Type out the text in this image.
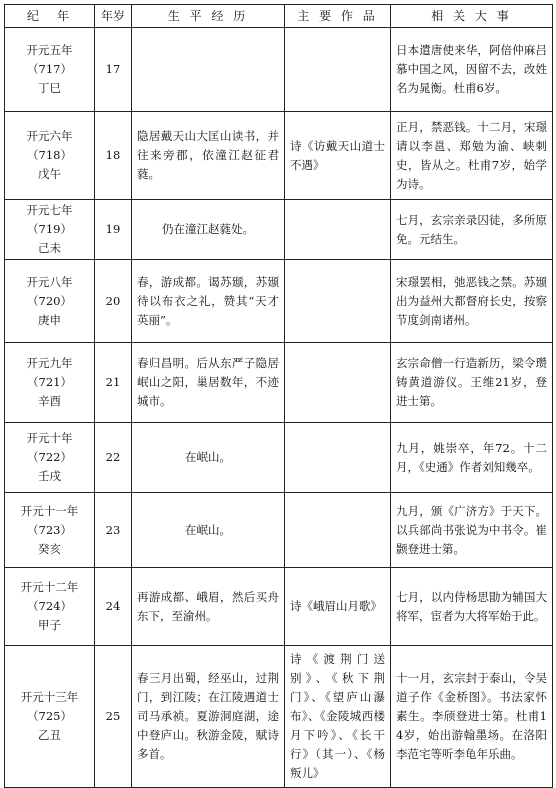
纪　年	年岁	生 平 经 历	主 要 作 品	相 关 大 事

开元五年
（717）
丁巳	17			日本遣唐使来华，阿倍仲麻吕慕中国之风，因留不去，改姓名为晁衡。杜甫6岁。

开元六年
（718）
戊午	18	隐居戴天山大匡山读书，并往来旁郡，依潼江赵征君蕤。	诗《访戴天山道士不遇》	正月，禁恶钱。十二月，宋璟请以李邕、郑勉为渝、峡刺史，皆从之。杜甫7岁，始学为诗。

开元七年
（719）
己未	19	仍在潼江赵蕤处。		七月，玄宗亲录囚徒，多所原免。元结生。

开元八年
（720）
庚申	20	春，游成都。谒苏颋，苏颋待以布衣之礼，赞其“天才英丽”。		宋璟罢相，弛恶钱之禁。苏颋出为益州大都督府长史，按察节度剑南诸州。

开元九年
（721）
辛酉	21	春归昌明。后从东严子隐居岷山之阳，巢居数年，不迹城市。		玄宗命僧一行造新历，梁令瓒铸黄道游仪。王维21岁，登进士第。

开元十年
（722）
壬戌	22	在岷山。		九月，姚崇卒，年72。十二月，《史通》作者刘知幾卒。

开元十一年
（723）
癸亥	23	在岷山。		九月，颁《广济方》于天下。以兵部尚书张说为中书令。崔颢登进士第。

开元十二年
（724）
甲子	24	再游成都、峨眉，然后买舟东下，至渝州。	诗《峨眉山月歌》	七月，以内侍杨思勖为辅国大将军，宦者为大将军始于此。

开元十三年
（725）
乙丑	25	春三月出蜀，经巫山，过荆门，到江陵；在江陵遇道士司马承祯。夏游洞庭湖，途中登庐山。秋游金陵，赋诗多首。	诗《渡荆门送别》、《秋下荆门》、《望庐山瀑布》、《金陵城西楼月下吟》、《长干行》（其一）、《杨叛儿》	十一月，玄宗封于泰山，令吴道子作《金桥图》。书法家怀素生。李颀登进士第。杜甫14岁，始出游翰墨场。在洛阳李范宅等听李龟年乐曲。
